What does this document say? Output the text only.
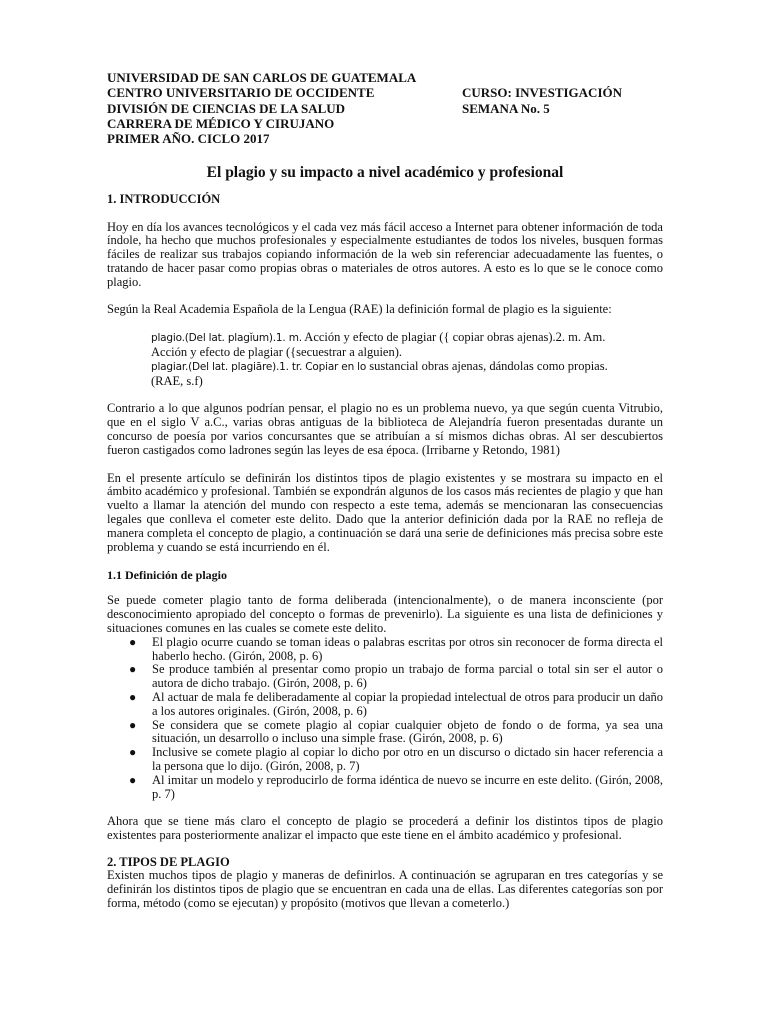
UNIVERSIDAD DE SAN CARLOS DE GUATEMALA
CENTRO UNIVERSITARIO DE OCCIDENTE
DIVISIÓN DE CIENCIAS DE LA SALUD
CARRERA DE MÉDICO Y CIRUJANO
PRIMER AÑO. CICLO 2017
CURSO: INVESTIGACIÓN
SEMANA No. 5
El plagio y su impacto a nivel académico y profesional
1. INTRODUCCIÓN

Hoy en día los avances tecnológicos y el cada vez más fácil acceso a Internet para obtener información de toda índole, ha hecho que muchos profesionales y especialmente estudiantes de todos los niveles, busquen formas fáciles de realizar sus trabajos copiando información de la web sin referenciar adecuadamente las fuentes, o tratando de hacer pasar como propias obras o materiales de otros autores. A esto es lo que se le conoce como plagio.

Según la Real Academia Española de la Lengua (RAE) la definición formal de plagio es la siguiente:

plagio.(Del lat. plagĭum).1. m. Acción y efecto de plagiar ({ copiar obras ajenas).2. m. Am. Acción y efecto de plagiar ({secuestrar a alguien).
plagiar.(Del lat. plagiāre).1. tr. Copiar en lo sustancial obras ajenas, dándolas como propias. (RAE, s.f)

Contrario a lo que algunos podrían pensar, el plagio no es un problema nuevo, ya que según cuenta Vitrubio, que en el siglo V a.C., varias obras antiguas de la biblioteca de Alejandría fueron presentadas durante un concurso de poesía por varios concursantes que se atribuían a sí mismos dichas obras. Al ser descubiertos fueron castigados como ladrones según las leyes de esa época. (Irribarne y Retondo, 1981)

En el presente artículo se definirán los distintos tipos de plagio existentes y se mostrara su impacto en el ámbito académico y profesional. También se expondrán algunos de los casos más recientes de plagio y que han vuelto a llamar la atención del mundo con respecto a este tema, además se mencionaran las consecuencias legales que conlleva el cometer este delito. Dado que la anterior definición dada por la RAE no refleja de manera completa el concepto de plagio, a continuación se dará una serie de definiciones más precisa sobre este problema y cuando se está incurriendo en él.

1.1 Definición de plagio

Se puede cometer plagio tanto de forma deliberada (intencionalmente), o de manera inconsciente (por desconocimiento apropiado del concepto o formas de prevenirlo). La siguiente es una lista de definiciones y situaciones comunes en las cuales se comete este delito.

● El plagio ocurre cuando se toman ideas o palabras escritas por otros sin reconocer de forma directa el haberlo hecho. (Girón, 2008, p. 6)
● Se produce también al presentar como propio un trabajo de forma parcial o total sin ser el autor o autora de dicho trabajo. (Girón, 2008, p. 6)
● Al actuar de mala fe deliberadamente al copiar la propiedad intelectual de otros para producir un daño a los autores originales. (Girón, 2008, p. 6)
● Se considera que se comete plagio al copiar cualquier objeto de fondo o de forma, ya sea una situación, un desarrollo o incluso una simple frase. (Girón, 2008, p. 6)
● Inclusive se comete plagio al copiar lo dicho por otro en un discurso o dictado sin hacer referencia a la persona que lo dijo. (Girón, 2008, p. 7)
● Al imitar un modelo y reproducirlo de forma idéntica de nuevo se incurre en este delito. (Girón, 2008, p. 7)

Ahora que se tiene más claro el concepto de plagio se procederá a definir los distintos tipos de plagio existentes para posteriormente analizar el impacto que este tiene en el ámbito académico y profesional.

2. TIPOS DE PLAGIO

Existen muchos tipos de plagio y maneras de definirlos. A continuación se agruparan en tres categorías y se definirán los distintos tipos de plagio que se encuentran en cada una de ellas. Las diferentes categorías son por forma, método (como se ejecutan) y propósito (motivos que llevan a cometerlo.)
